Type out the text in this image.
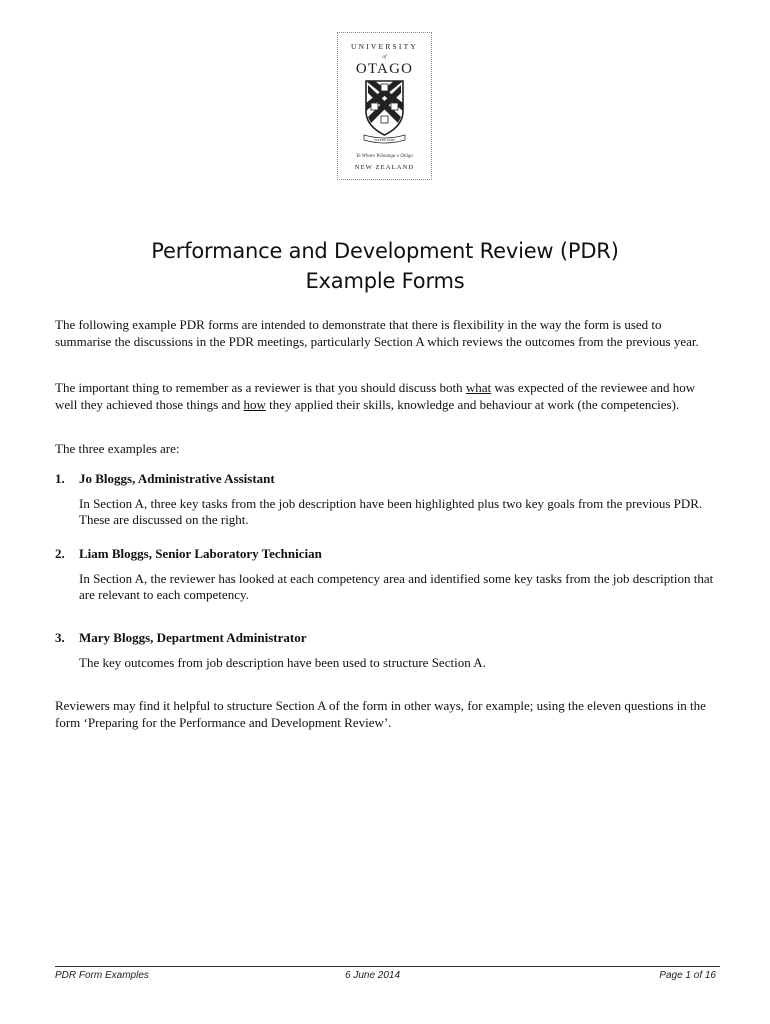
UNIVERSITY
of
OTAGO
SAPERE AUDE
Te Whare Wānanga o Otāgo
NEW ZEALAND
Performance and Development Review (PDR)
Example Forms

The following example PDR forms are intended to demonstrate that there is flexibility in the way the form is used to summarise the discussions in the PDR meetings, particularly Section A which reviews the outcomes from the previous year.

The important thing to remember as a reviewer is that you should discuss both what was expected of the reviewee and how well they achieved those things and how they applied their skills, knowledge and behaviour at work (the competencies).

The three examples are:

1.	Jo Bloggs, Administrative Assistant
In Section A, three key tasks from the job description have been highlighted plus two key goals from the previous PDR. These are discussed on the right.
2.	Liam Bloggs, Senior Laboratory Technician
In Section A, the reviewer has looked at each competency area and identified some key tasks from the job description that are relevant to each competency.
3.	Mary Bloggs, Department Administrator
The key outcomes from job description have been used to structure Section A.

Reviewers may find it helpful to structure Section A of the form in other ways, for example; using the eleven questions in the form ‘Preparing for the Performance and Development Review’.

PDR Form Examples	6 June 2014	Page 1 of 16
